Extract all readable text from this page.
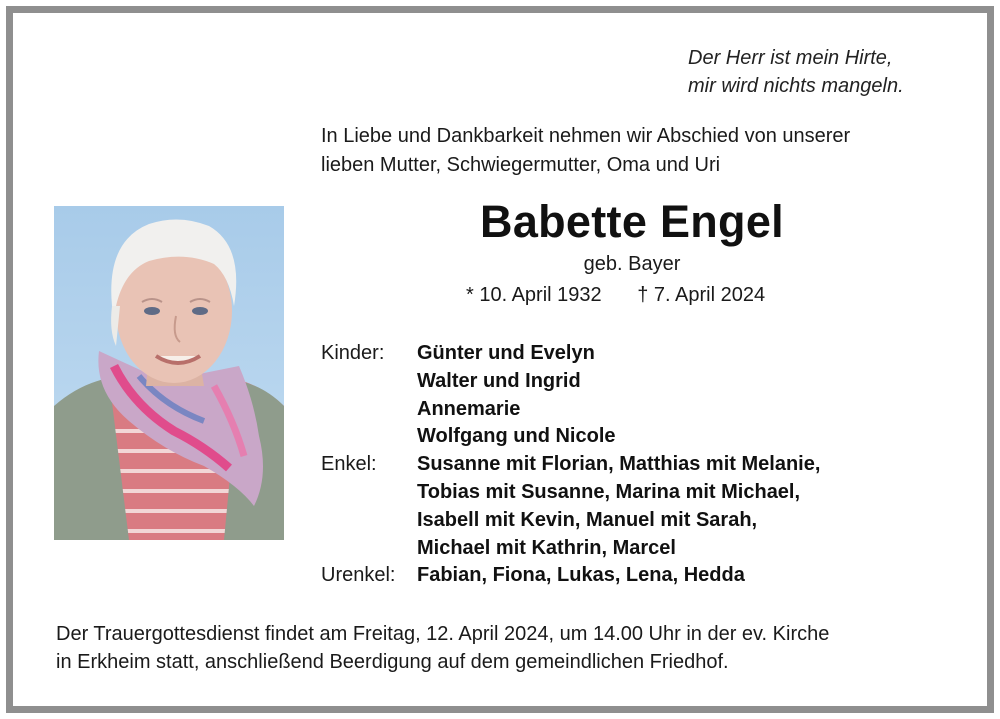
Der Herr ist mein Hirte,
mir wird nichts mangeln.
In Liebe und Dankbarkeit nehmen wir Abschied von unserer
lieben Mutter, Schwiegermutter, Oma und Uri
Babette Engel
geb. Bayer
* 10. April 1932 † 7. April 2024
Kinder:	Günter und Evelyn
Walter und Ingrid
Annemarie
Wolfgang und Nicole
Enkel:	Susanne mit Florian, Matthias mit Melanie,
Tobias mit Susanne, Marina mit Michael,
Isabell mit Kevin, Manuel mit Sarah,
Michael mit Kathrin, Marcel
Urenkel:	Fabian, Fiona, Lukas, Lena, Hedda
Der Trauergottesdienst findet am Freitag, 12. April 2024, um 14.00 Uhr in der ev. Kirche
in Erkheim statt, anschließend Beerdigung auf dem gemeindlichen Friedhof.
